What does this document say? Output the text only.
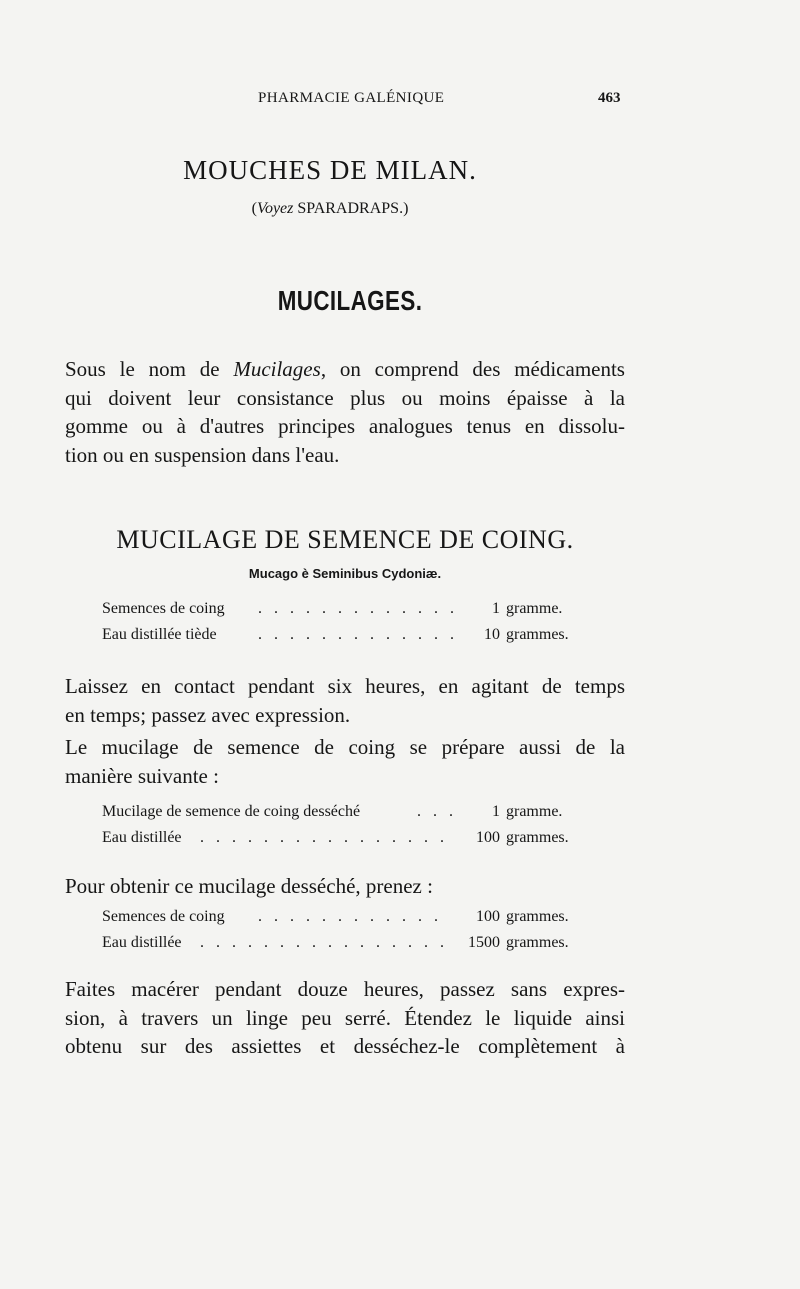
PHARMACIE GALÉNIQUE	463
MOUCHES DE MILAN.
(Voyez SPARADRAPS.)
MUCILAGES.
Sous le nom de Mucilages, on comprend des médicaments
qui doivent leur consistance plus ou moins épaisse à la
gomme ou à d'autres principes analogues tenus en dissolu-
tion ou en suspension dans l'eau.
MUCILAGE DE SEMENCE DE COING.
Mucago è Seminibus Cydoniæ.
Semences de coing . . . . . . . . . . . . .	1 gramme.
Eau distillée tiède	. . . . . . . . . . . . .	10 grammes.
Laissez en contact pendant six heures, en agitant de temps
en temps; passez avec expression.
Le mucilage de semence de coing se prépare aussi de la
manière suivante :
Mucilage de semence de coing desséché	. . .	1 gramme.
Eau distillée . . . . . . . . . . . . . . . .	100 grammes.
Pour obtenir ce mucilage desséché, prenez :
Semences de coing . . . . . . . . . . . .	100 grammes.
Eau distillée . . . . . . . . . . . . . . . .	1500 grammes.
Faites macérer pendant douze heures, passez sans expres-
sion, à travers un linge peu serré. Étendez le liquide ainsi
obtenu sur des assiettes et desséchez-le complètement à
